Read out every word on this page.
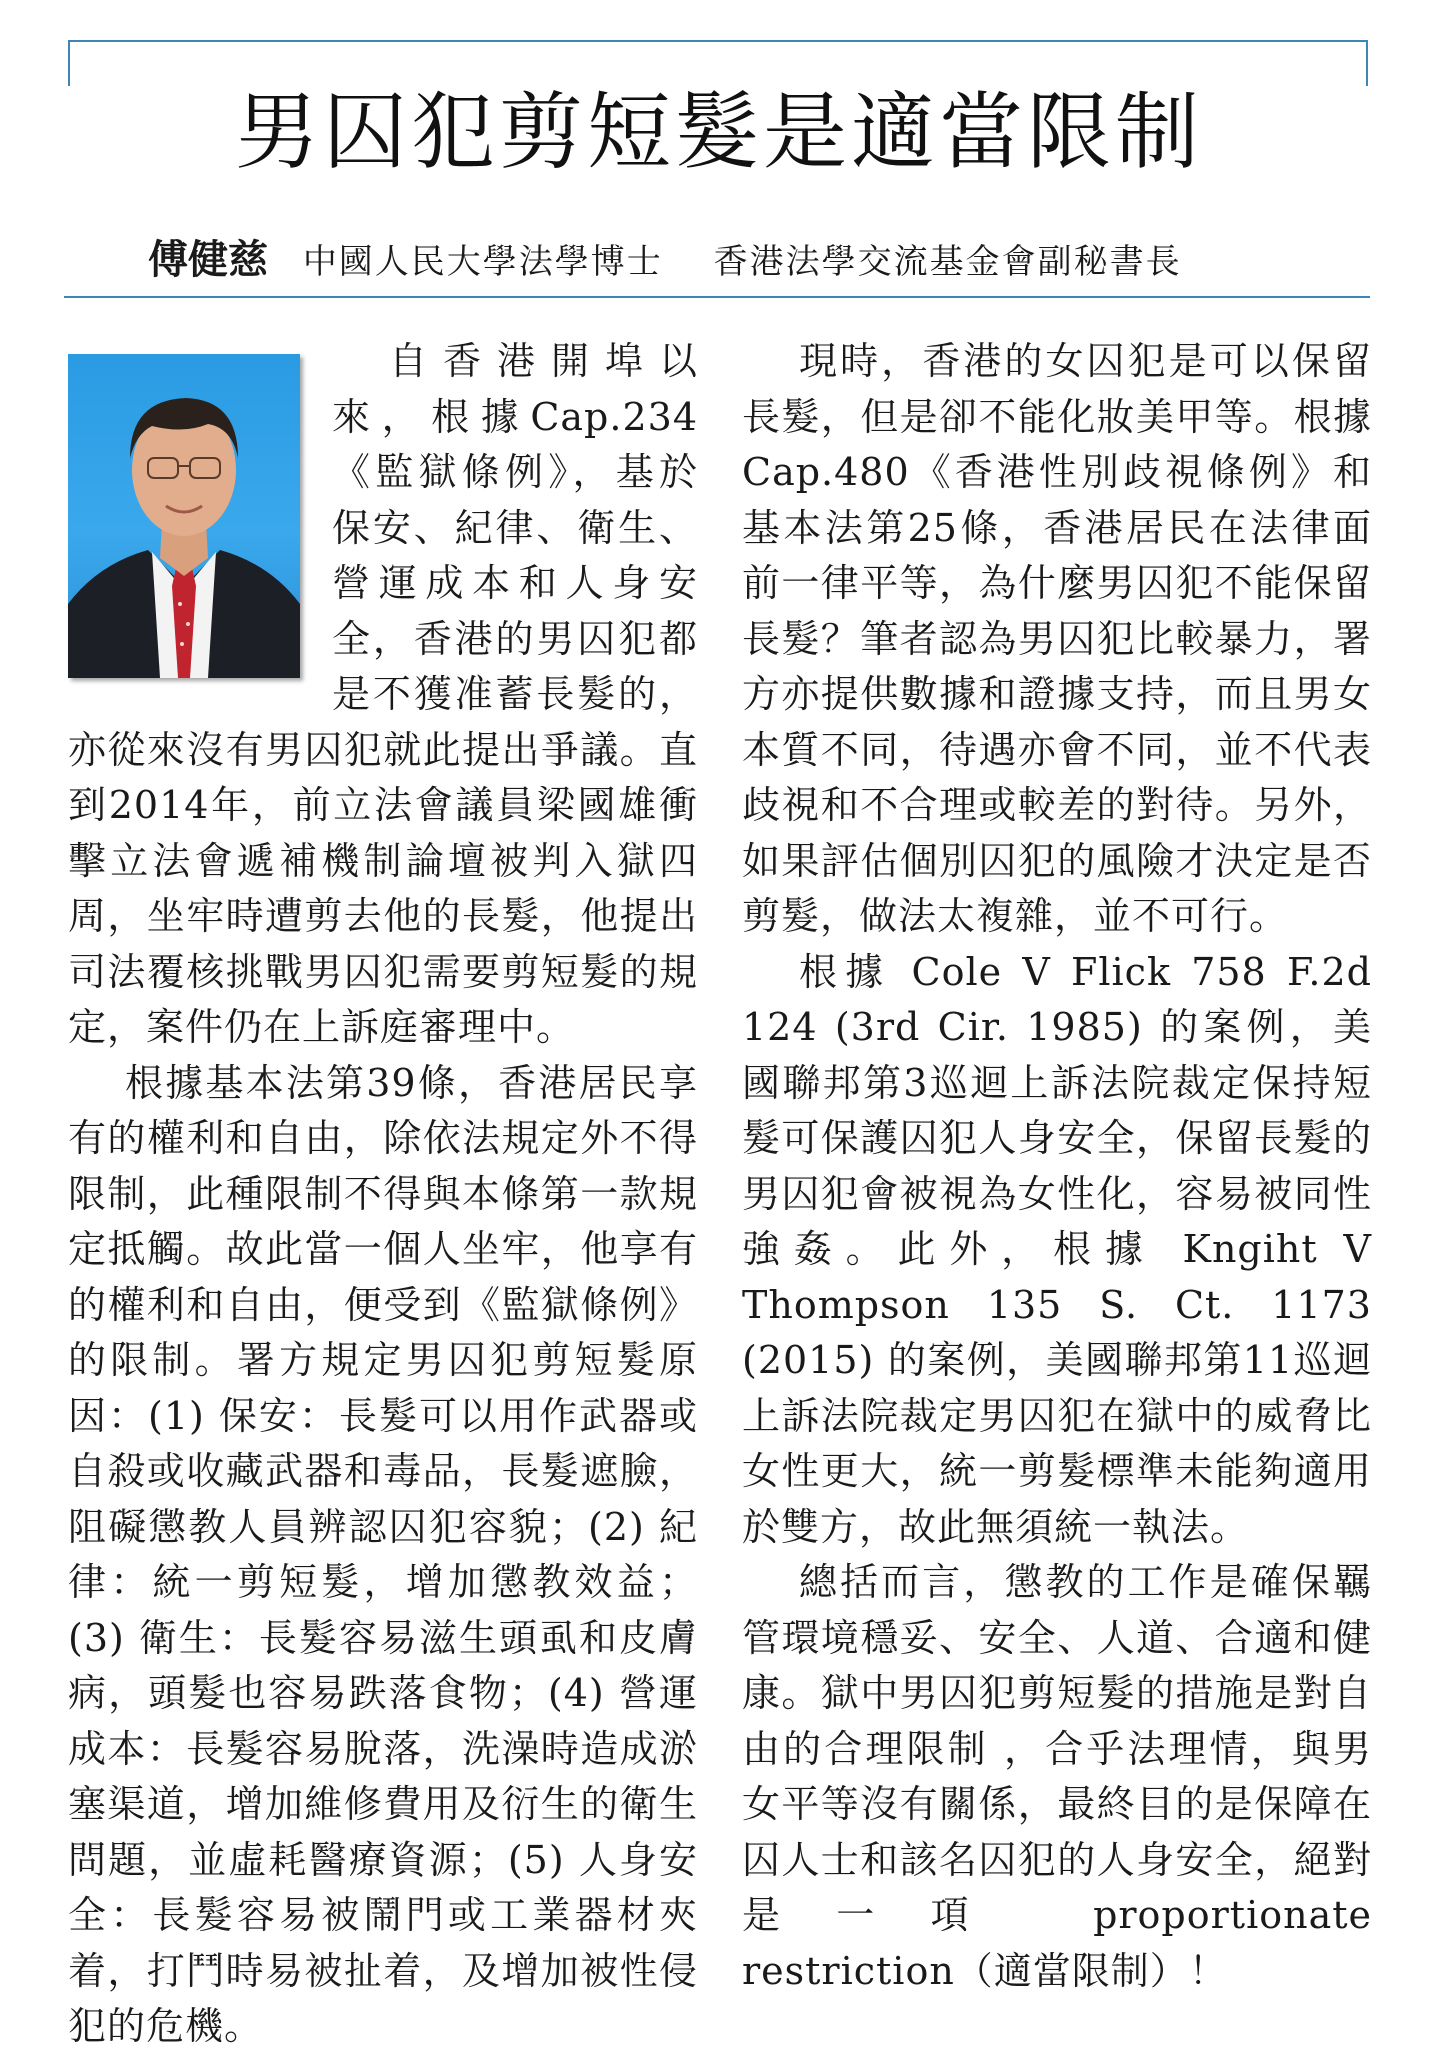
男囚犯剪短髮是適當限制
傅健慈 中國人民大學法學博士 香港法學交流基金會副秘書長

自香港開埠以來，根據Cap.234《監獄條例》，基於保安、紀律、衛生、營運成本和人身安全，香港的男囚犯都是不獲准蓄長髮的，亦從來沒有男囚犯就此提出爭議。直到2014年，前立法會議員梁國雄衝擊立法會遞補機制論壇被判入獄四周，坐牢時遭剪去他的長髮，他提出司法覆核挑戰男囚犯需要剪短髮的規定，案件仍在上訴庭審理中。

根據基本法第39條，香港居民享有的權利和自由，除依法規定外不得限制，此種限制不得與本條第一款規定抵觸。故此當一個人坐牢，他享有的權利和自由，便受到《監獄條例》的限制。署方規定男囚犯剪短髮原因：(1) 保安：長髮可以用作武器或自殺或收藏武器和毒品，長髮遮臉，阻礙懲教人員辨認囚犯容貌；(2) 紀律：統一剪短髮，增加懲教效益；(3) 衛生：長髮容易滋生頭虱和皮膚病，頭髮也容易跌落食物；(4) 營運成本：長髮容易脫落，洗澡時造成淤塞渠道，增加維修費用及衍生的衛生問題，並虛耗醫療資源；(5) 人身安全：長髮容易被鬧門或工業器材夾着，打鬥時易被扯着，及增加被性侵犯的危機。

現時，香港的女囚犯是可以保留長髮，但是卻不能化妝美甲等。根據Cap.480《香港性別歧視條例》和基本法第25條，香港居民在法律面前一律平等，為什麼男囚犯不能保留長髮？筆者認為男囚犯比較暴力，署方亦提供數據和證據支持，而且男女本質不同，待遇亦會不同，並不代表歧視和不合理或較差的對待。另外，如果評估個別囚犯的風險才決定是否剪髮，做法太複雜，並不可行。

根據 Cole V Flick 758 F.2d 124 (3rd Cir. 1985) 的案例，美國聯邦第3巡迴上訴法院裁定保持短髮可保護囚犯人身安全，保留長髮的男囚犯會被視為女性化，容易被同性強姦。此外，根據 Kngiht V Thompson 135 S. Ct. 1173 (2015) 的案例，美國聯邦第11巡迴上訴法院裁定男囚犯在獄中的威脅比女性更大，統一剪髮標準未能夠適用於雙方，故此無須統一執法。

總括而言，懲教的工作是確保羈管環境穩妥、安全、人道、合適和健康。獄中男囚犯剪短髮的措施是對自由的合理限制 ，合乎法理情，與男女平等沒有關係，最終目的是保障在囚人士和該名囚犯的人身安全，絕對是一項 proportionate restriction（適當限制）！
